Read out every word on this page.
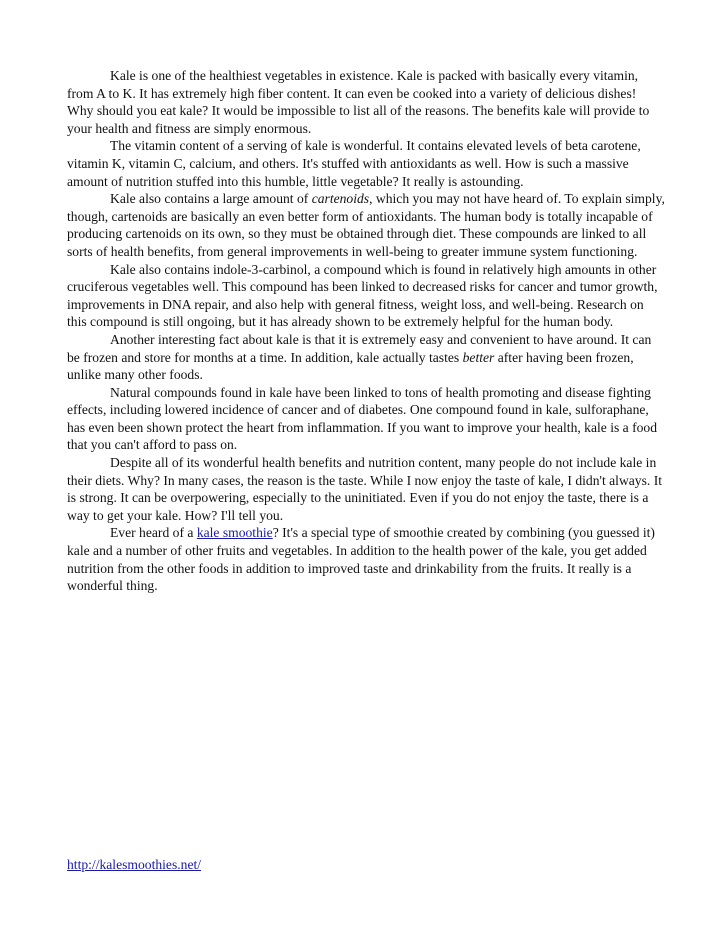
Kale is one of the healthiest vegetables in existence. Kale is packed with basically every vitamin, from A to K. It has extremely high fiber content. It can even be cooked into a variety of delicious dishes! Why should you eat kale? It would be impossible to list all of the reasons. The benefits kale will provide to your health and fitness are simply enormous.

The vitamin content of a serving of kale is wonderful. It contains elevated levels of beta carotene, vitamin K, vitamin C, calcium, and others. It's stuffed with antioxidants as well. How is such a massive amount of nutrition stuffed into this humble, little vegetable? It really is astounding.

Kale also contains a large amount of cartenoids, which you may not have heard of. To explain simply, though, cartenoids are basically an even better form of antioxidants. The human body is totally incapable of producing cartenoids on its own, so they must be obtained through diet. These compounds are linked to all sorts of health benefits, from general improvements in well-being to greater immune system functioning.

Kale also contains indole-3-carbinol, a compound which is found in relatively high amounts in other cruciferous vegetables well. This compound has been linked to decreased risks for cancer and tumor growth, improvements in DNA repair, and also help with general fitness, weight loss, and well-being. Research on this compound is still ongoing, but it has already shown to be extremely helpful for the human body.

Another interesting fact about kale is that it is extremely easy and convenient to have around. It can be frozen and store for months at a time. In addition, kale actually tastes better after having been frozen, unlike many other foods.

Natural compounds found in kale have been linked to tons of health promoting and disease fighting effects, including lowered incidence of cancer and of diabetes. One compound found in kale, sulforaphane, has even been shown protect the heart from inflammation. If you want to improve your health, kale is a food that you can't afford to pass on.

Despite all of its wonderful health benefits and nutrition content, many people do not include kale in their diets. Why? In many cases, the reason is the taste. While I now enjoy the taste of kale, I didn't always. It is strong. It can be overpowering, especially to the uninitiated. Even if you do not enjoy the taste, there is a way to get your kale. How? I'll tell you.

Ever heard of a kale smoothie? It's a special type of smoothie created by combining (you guessed it) kale and a number of other fruits and vegetables. In addition to the health power of the kale, you get added nutrition from the other foods in addition to improved taste and drinkability from the fruits. It really is a wonderful thing.

http://kalesmoothies.net/
